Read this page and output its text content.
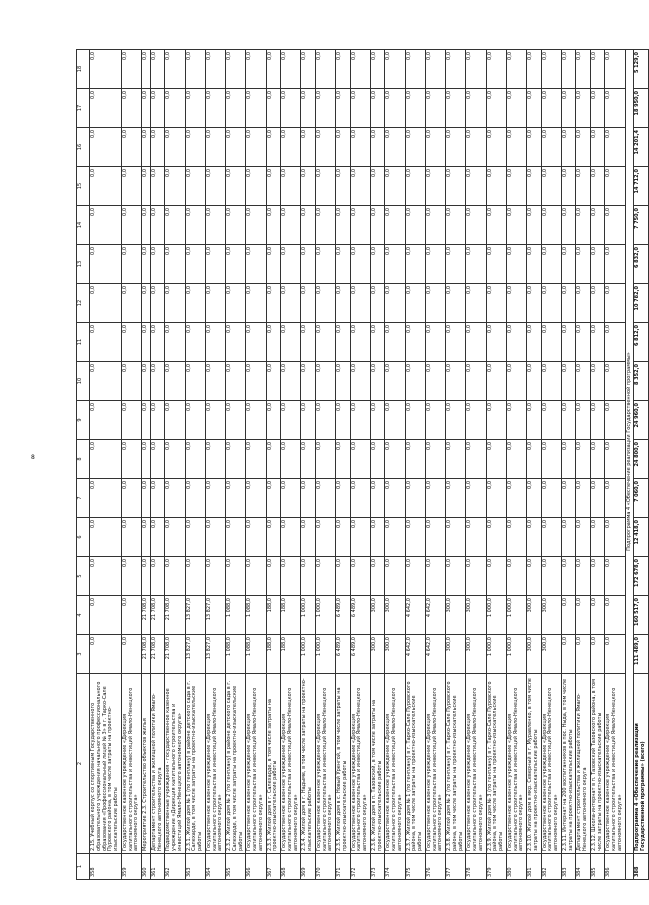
8
1	2	3	4	5	6	7	8	9	10	11	12	13	14	15	16	17	18
358	2.15. Учебный корпус со спортивным Государственного образовательного учреждения начального профессионального образования «Профессиональный лицей № 3» в г. Тарко-Сале Пуровского района, в том числе затраты на проектно-изыскательские работы	0,0	0,0	0,0	0,0	0,0	0,0	0,0	0,0	0,0	0,0	0,0	0,0	0,0	0,0	0,0	0,0
359	Государственное казенное учреждение «Дирекция капитального строительства и инвестиций Ямало-Ненецкого автономного округа»	0,0	0,0	0,0	0,0	0,0	0,0	0,0	0,0	0,0	0,0	0,0	0,0	0,0	0,0	0,0	0,0
360	Мероприятие 2.3. Строительство объектов жилья	21 708,0	21 708,0	0,0	0,0	0,0	0,0	0,0	0,0	0,0	0,0	0,0	0,0	0,0	0,0	0,0	0,0
361	Департамент строительства и жилищной политики Ямало-Ненецкого автономного округа	21 708,0	21 708,0	0,0	0,0	0,0	0,0	0,0	0,0	0,0	0,0	0,0	0,0	0,0	0,0	0,0	0,0
362	Подведомственные учреждения - государственное казенное учреждение «Дирекция капитального строительства и инвестиций Ямало-Ненецкого автономного округа»	21 708,0	21 708,0	0,0	0,0	0,0	0,0	0,0	0,0	0,0	0,0	0,0	0,0	0,0	0,0	0,0	0,0
363	2.3.1. Жилой дом № 1 (по генплану) в районе детского сада в г. Салехарде, в том числе затраты на проектно-изыскательские работы	13 827,0	13 827,0	0,0	0,0	0,0	0,0	0,0	0,0	0,0	0,0	0,0	0,0	0,0	0,0	0,0	0,0
364	Государственное казенное учреждение «Дирекция капитального строительства и инвестиций Ямало-Ненецкого автономного округа»	13 827,0	13 827,0	0,0	0,0	0,0	0,0	0,0	0,0	0,0	0,0	0,0	0,0	0,0	0,0	0,0	0,0
365	2.3.2. Жилой дом № 2 (по генплану) в районе детского сада в г. Салехарде, в том числе затраты на проектно-изыскательские работы	1 088,0	1 088,0	0,0	0,0	0,0	0,0	0,0	0,0	0,0	0,0	0,0	0,0	0,0	0,0	0,0	0,0
366	Государственное казенное учреждение «Дирекция капитального строительства и инвестиций Ямало-Ненецкого автономного округа»	1 088,0	1 088,0	0,0	0,0	0,0	0,0	0,0	0,0	0,0	0,0	0,0	0,0	0,0	0,0	0,0	0,0
367	2.3.3. Жилой дом в г. Салехарде, в том числе затраты на проектно-изыскательские работы	188,0	188,0	0,0	0,0	0,0	0,0	0,0	0,0	0,0	0,0	0,0	0,0	0,0	0,0	0,0	0,0
368	Государственное казенное учреждение «Дирекция капитального строительства и инвестиций Ямало-Ненецкого автономного округа»	188,0	188,0	0,0	0,0	0,0	0,0	0,0	0,0	0,0	0,0	0,0	0,0	0,0	0,0	0,0	0,0
369	2.3.4. Жилой дом в г. Надыме, в том числе затраты на проектно-изыскательские работы	1 000,0	1 000,0	0,0	0,0	0,0	0,0	0,0	0,0	0,0	0,0	0,0	0,0	0,0	0,0	0,0	0,0
370	Государственное казенное учреждение «Дирекция капитального строительства и инвестиций Ямало-Ненецкого автономного округа»	1 000,0	1 000,0	0,0	0,0	0,0	0,0	0,0	0,0	0,0	0,0	0,0	0,0	0,0	0,0	0,0	0,0
371	2.3.5. Жилой дом в с. Новый Уренгой, в том числе затраты на проектно-изыскательские работы	6 489,0	6 489,0	0,0	0,0	0,0	0,0	0,0	0,0	0,0	0,0	0,0	0,0	0,0	0,0	0,0	0,0
372	Государственное казенное учреждение «Дирекция капитального строительства и инвестиций Ямало-Ненецкого автономного округа»	6 489,0	6 489,0	0,0	0,0	0,0	0,0	0,0	0,0	0,0	0,0	0,0	0,0	0,0	0,0	0,0	0,0
373	2.3.6. Жилой дом в п. Тазовский, в том числе затраты на проектно-изыскательские работы	300,0	300,0	0,0	0,0	0,0	0,0	0,0	0,0	0,0	0,0	0,0	0,0	0,0	0,0	0,0	0,0
374	Государственное казенное учреждение «Дирекция капитального строительства и инвестиций Ямало-Ненецкого автономного округа»	300,0	300,0	0,0	0,0	0,0	0,0	0,0	0,0	0,0	0,0	0,0	0,0	0,0	0,0	0,0	0,0
375	2.3.7. Жилой дом № 1 (по генплану) в г. Тарко-Сале Пуровского района, в том числе затраты на проектно-изыскательские работы	4 642,0	4 642,0	0,0	0,0	0,0	0,0	0,0	0,0	0,0	0,0	0,0	0,0	0,0	0,0	0,0	0,0
376	Государственное казенное учреждение «Дирекция капитального строительства и инвестиций Ямало-Ненецкого автономного округа»	4 642,0	4 642,0	0,0	0,0	0,0	0,0	0,0	0,0	0,0	0,0	0,0	0,0	0,0	0,0	0,0	0,0
377	2.3.8. Жилой дом № 2 (по генплану) в г. Тарко-Сале Пуровского района, в том числе затраты на проектно-изыскательские работы	300,0	300,0	0,0	0,0	0,0	0,0	0,0	0,0	0,0	0,0	0,0	0,0	0,0	0,0	0,0	0,0
378	Государственное казенное учреждение «Дирекция капитального строительства и инвестиций Ямало-Ненецкого автономного округа»	300,0	300,0	0,0	0,0	0,0	0,0	0,0	0,0	0,0	0,0	0,0	0,0	0,0	0,0	0,0	0,0
379	2.3.9. Жилой дом № 3 (по генплану) в г. Тарко-Сале Пуровского района, в том числе затраты на проектно-изыскательские работы	1 000,0	1 000,0	0,0	0,0	0,0	0,0	0,0	0,0	0,0	0,0	0,0	0,0	0,0	0,0	0,0	0,0
380	Государственное казенное учреждение «Дирекция капитального строительства и инвестиций Ямало-Ненецкого автономного округа»	1 000,0	1 000,0	0,0	0,0	0,0	0,0	0,0	0,0	0,0	0,0	0,0	0,0	0,0	0,0	0,0	0,0
381	2.3.10. Жилой дом в мкр. Северный в г. Муравленко, в том числе затраты на проектно-изыскательские работы	300,0	300,0	0,0	0,0	0,0	0,0	0,0	0,0	0,0	0,0	0,0	0,0	0,0	0,0	0,0	0,0
382	Государственное казенное учреждение «Дирекция капитального строительства и инвестиций Ямало-Ненецкого автономного округа»	300,0	300,0	0,0	0,0	0,0	0,0	0,0	0,0	0,0	0,0	0,0	0,0	0,0	0,0	0,0	0,0
383	2.3.11. Интернат на 200 воспитанников в пос. Ныда, в том числе затраты на проектно-изыскательские работы	0,0	0,0	0,0	0,0	0,0	0,0	0,0	0,0	0,0	0,0	0,0	0,0	0,0	0,0	0,0	0,0
384	Департамент строительства и жилищной политики Ямало-Ненецкого автономного округа	0,0	0,0	0,0	0,0	0,0	0,0	0,0	0,0	0,0	0,0	0,0	0,0	0,0	0,0	0,0	0,0
385	2.3.12. Школа-интернат в п. Тазовский Тазовского района, в том числе затраты на проектно-изыскательские работы	0,0	0,0	0,0	0,0	0,0	0,0	0,0	0,0	0,0	0,0	0,0	0,0	0,0	0,0	0,0	0,0
386	Государственное казенное учреждение «Дирекция капитального строительства и инвестиций Ямало-Ненецкого автономного округа»	0,0	0,0	0,0	0,0	0,0	0,0	0,0	0,0	0,0	0,0	0,0	0,0	0,0	0,0	0,0	0,0
	Подпрограмма 4 «Обеспечение реализации Государственной программы»																
388	Подпрограмма 4 «Обеспечение реализации Государственной программы» (всего)	111 489,0	160 517,0	172 678,0	12 418,0	7 060,0	24 800,0	24 960,0	8 352,0	6 812,0	10 782,0	6 832,0	7 750,0	14 712,0	14 201,4	18 950,0	5 129,0
